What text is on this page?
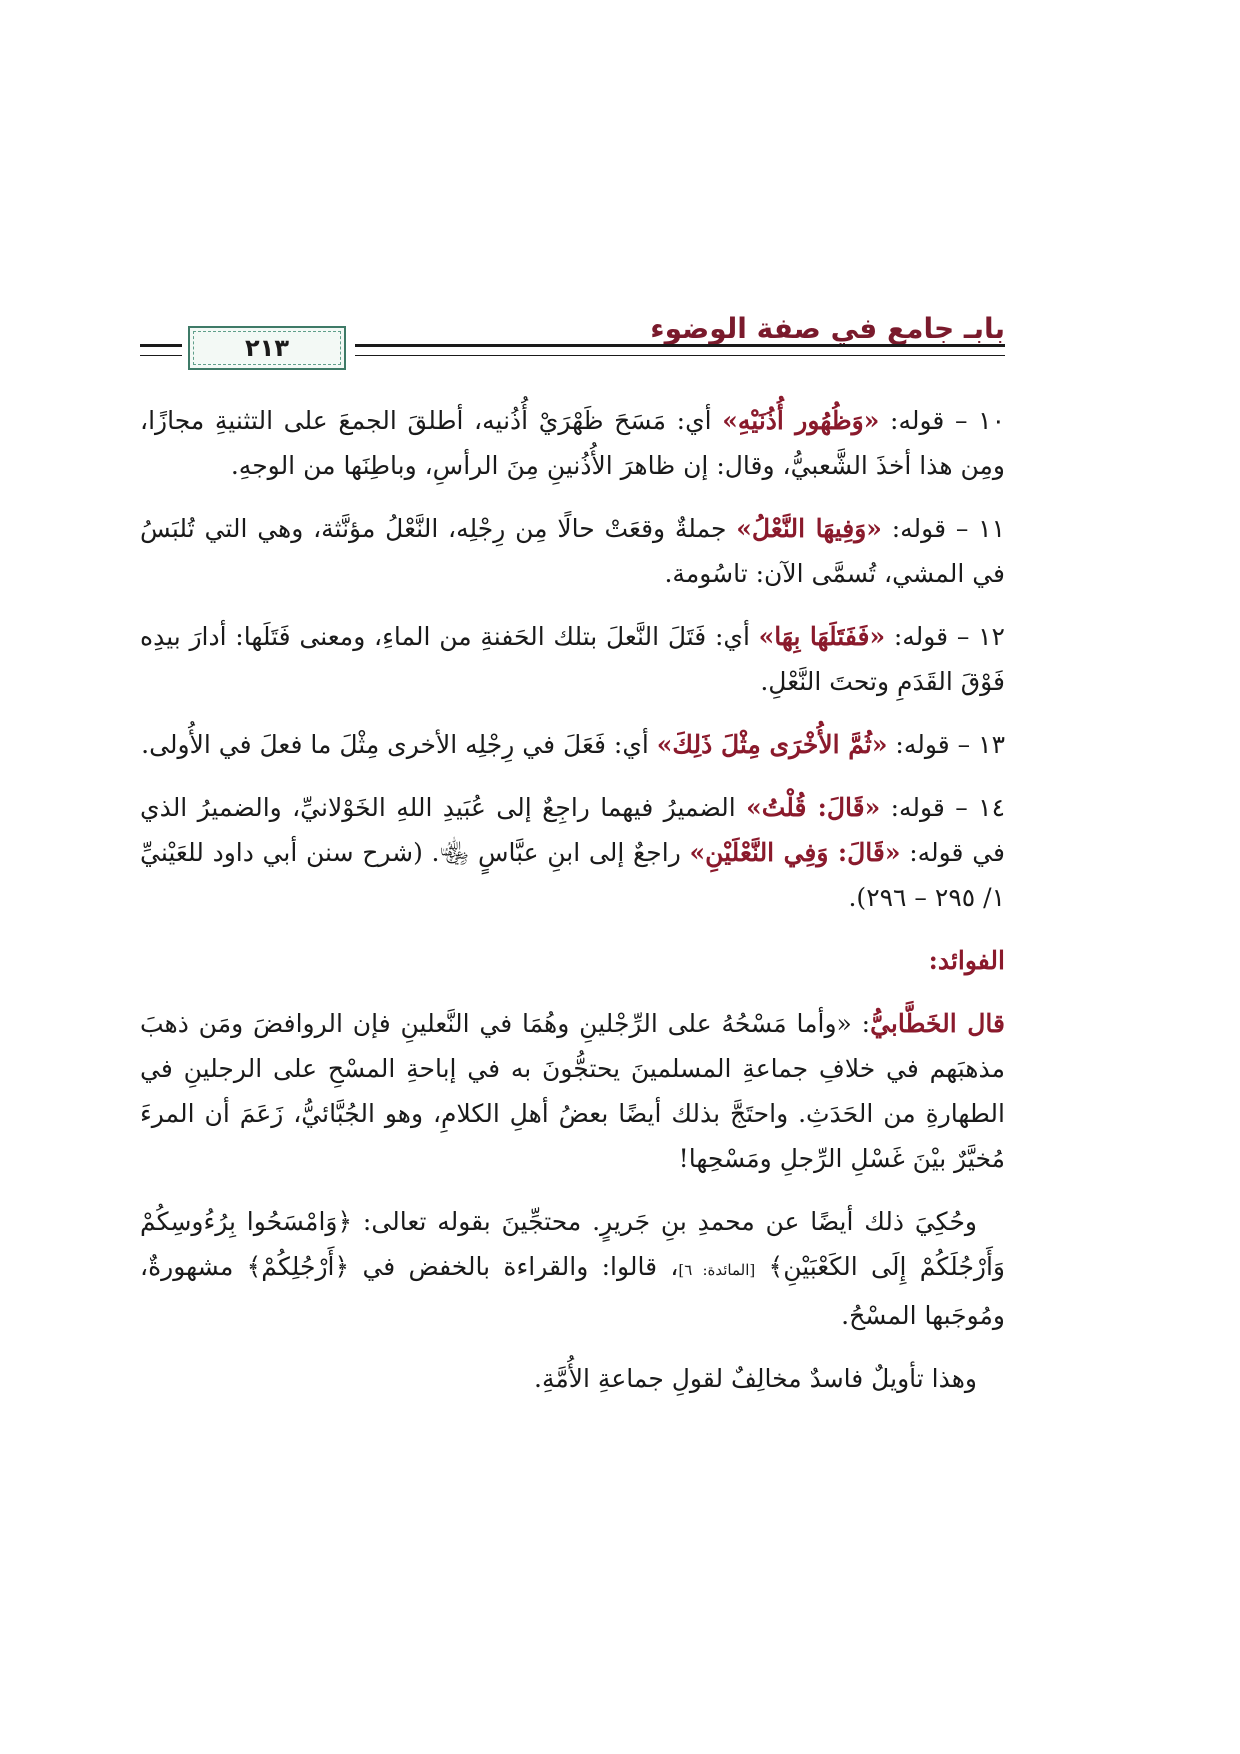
بابـ جامع في صفة الوضوء
٢١٣

١٠ – قوله: «وَظُهُور أُذُنَيْهِ» أي: مَسَحَ ظَهْرَيْ أُذُنيه، أطلقَ الجمعَ على التثنيةِ مجازًا، ومِن هذا أخذَ الشَّعبيُّ، وقال: إن ظاهرَ الأُذُنينِ مِنَ الرأسِ، وباطِنَها من الوجهِ.

١١ – قوله: «وَفِيهَا النَّعْلُ» جملةٌ وقعَتْ حالًا مِن رِجْلِه، النَّعْلُ مؤنَّثة، وهي التي تُلبَسُ في المشي، تُسمَّى الآن: تاسُومة.

١٢ – قوله: «فَفَتَلَهَا بِهَا» أي: فَتَلَ النَّعلَ بتلك الحَفنةِ من الماءِ، ومعنى فَتَلَها: أدارَ بيدِه فَوْقَ القَدَمِ وتحتَ النَّعْلِ.

١٣ – قوله: «ثُمَّ الأُخْرَى مِثْلَ ذَلِكَ» أي: فَعَلَ في رِجْلِه الأخرى مِثْلَ ما فعلَ في الأُولى.

١٤ – قوله: «قَالَ: قُلْتُ» الضميرُ فيهما راجِعٌ إلى عُبَيدِ اللهِ الخَوْلانيِّ، والضميرُ الذي في قوله: «قَالَ: وَفِي النَّعْلَيْنِ» راجعٌ إلى ابنِ عبَّاسٍ ﵄. (شرح سنن أبي داود للعَيْنيِّ ١/ ٢٩٥ – ٢٩٦).

الفوائد:

قال الخَطَّابيُّ: «وأما مَسْحُهُ على الرِّجْلينِ وهُمَا في النَّعلينِ فإن الروافضَ ومَن ذهبَ مذهبَهم في خلافِ جماعةِ المسلمينَ يحتجُّونَ به في إباحةِ المسْحِ على الرجلينِ في الطهارةِ من الحَدَثِ. واحتَجَّ بذلك أيضًا بعضُ أهلِ الكلامِ، وهو الجُبَّائيُّ، زَعَمَ أن المرءَ مُخيَّرٌ بيْنَ غَسْلِ الرِّجلِ ومَسْحِها!

وحُكِيَ ذلك أيضًا عن محمدِ بنِ جَريرٍ. محتجِّينَ بقوله تعالى: ﴿وَامْسَحُوا بِرُءُوسِكُمْ وَأَرْجُلَكُمْ إِلَى الكَعْبَيْنِ﴾ [المائدة: ٦]، قالوا: والقراءة بالخفض في ﴿أَرْجُلِكُمْ﴾ مشهورةٌ، ومُوجَبها المسْحُ.

وهذا تأويلٌ فاسدٌ مخالِفٌ لقولِ جماعةِ الأُمَّةِ.
